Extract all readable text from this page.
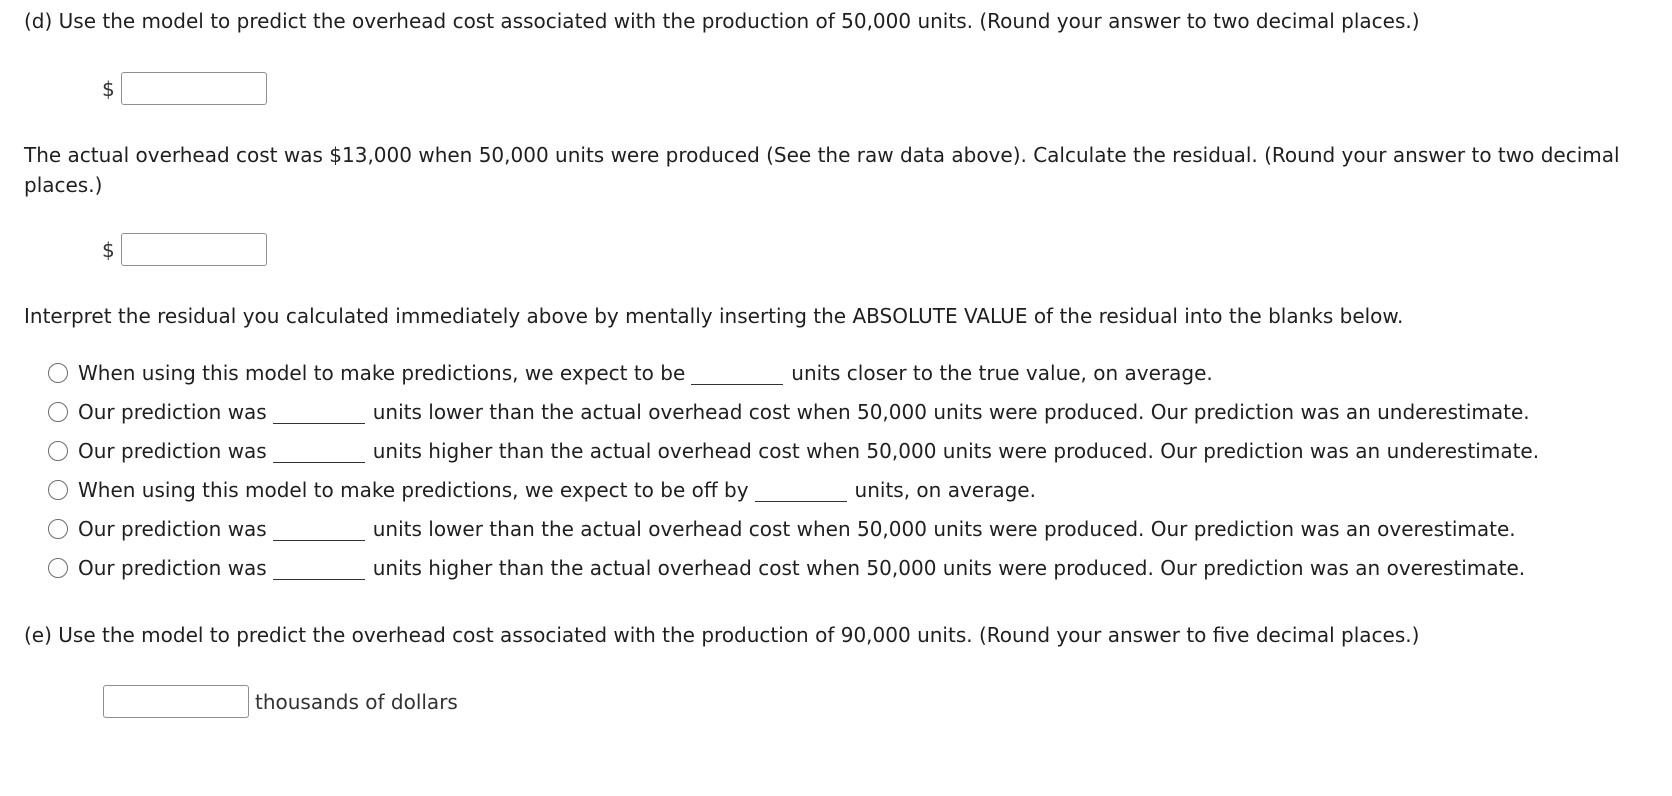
(d) Use the model to predict the overhead cost associated with the production of 50,000 units. (Round your answer to two decimal places.)
$
The actual overhead cost was $13,000 when 50,000 units were produced (See the raw data above). Calculate the residual. (Round your answer to two decimal places.)
$
Interpret the residual you calculated immediately above by mentally inserting the ABSOLUTE VALUE of the residual into the blanks below.
When using this model to make predictions, we expect to be	units closer to the true value, on average.
Our prediction was	units lower than the actual overhead cost when 50,000 units were produced. Our prediction was an underestimate.
Our prediction was	units higher than the actual overhead cost when 50,000 units were produced. Our prediction was an underestimate.
When using this model to make predictions, we expect to be off by	units, on average.
Our prediction was	units lower than the actual overhead cost when 50,000 units were produced. Our prediction was an overestimate.
Our prediction was	units higher than the actual overhead cost when 50,000 units were produced. Our prediction was an overestimate.
(e) Use the model to predict the overhead cost associated with the production of 90,000 units. (Round your answer to five decimal places.)
thousands of dollars
